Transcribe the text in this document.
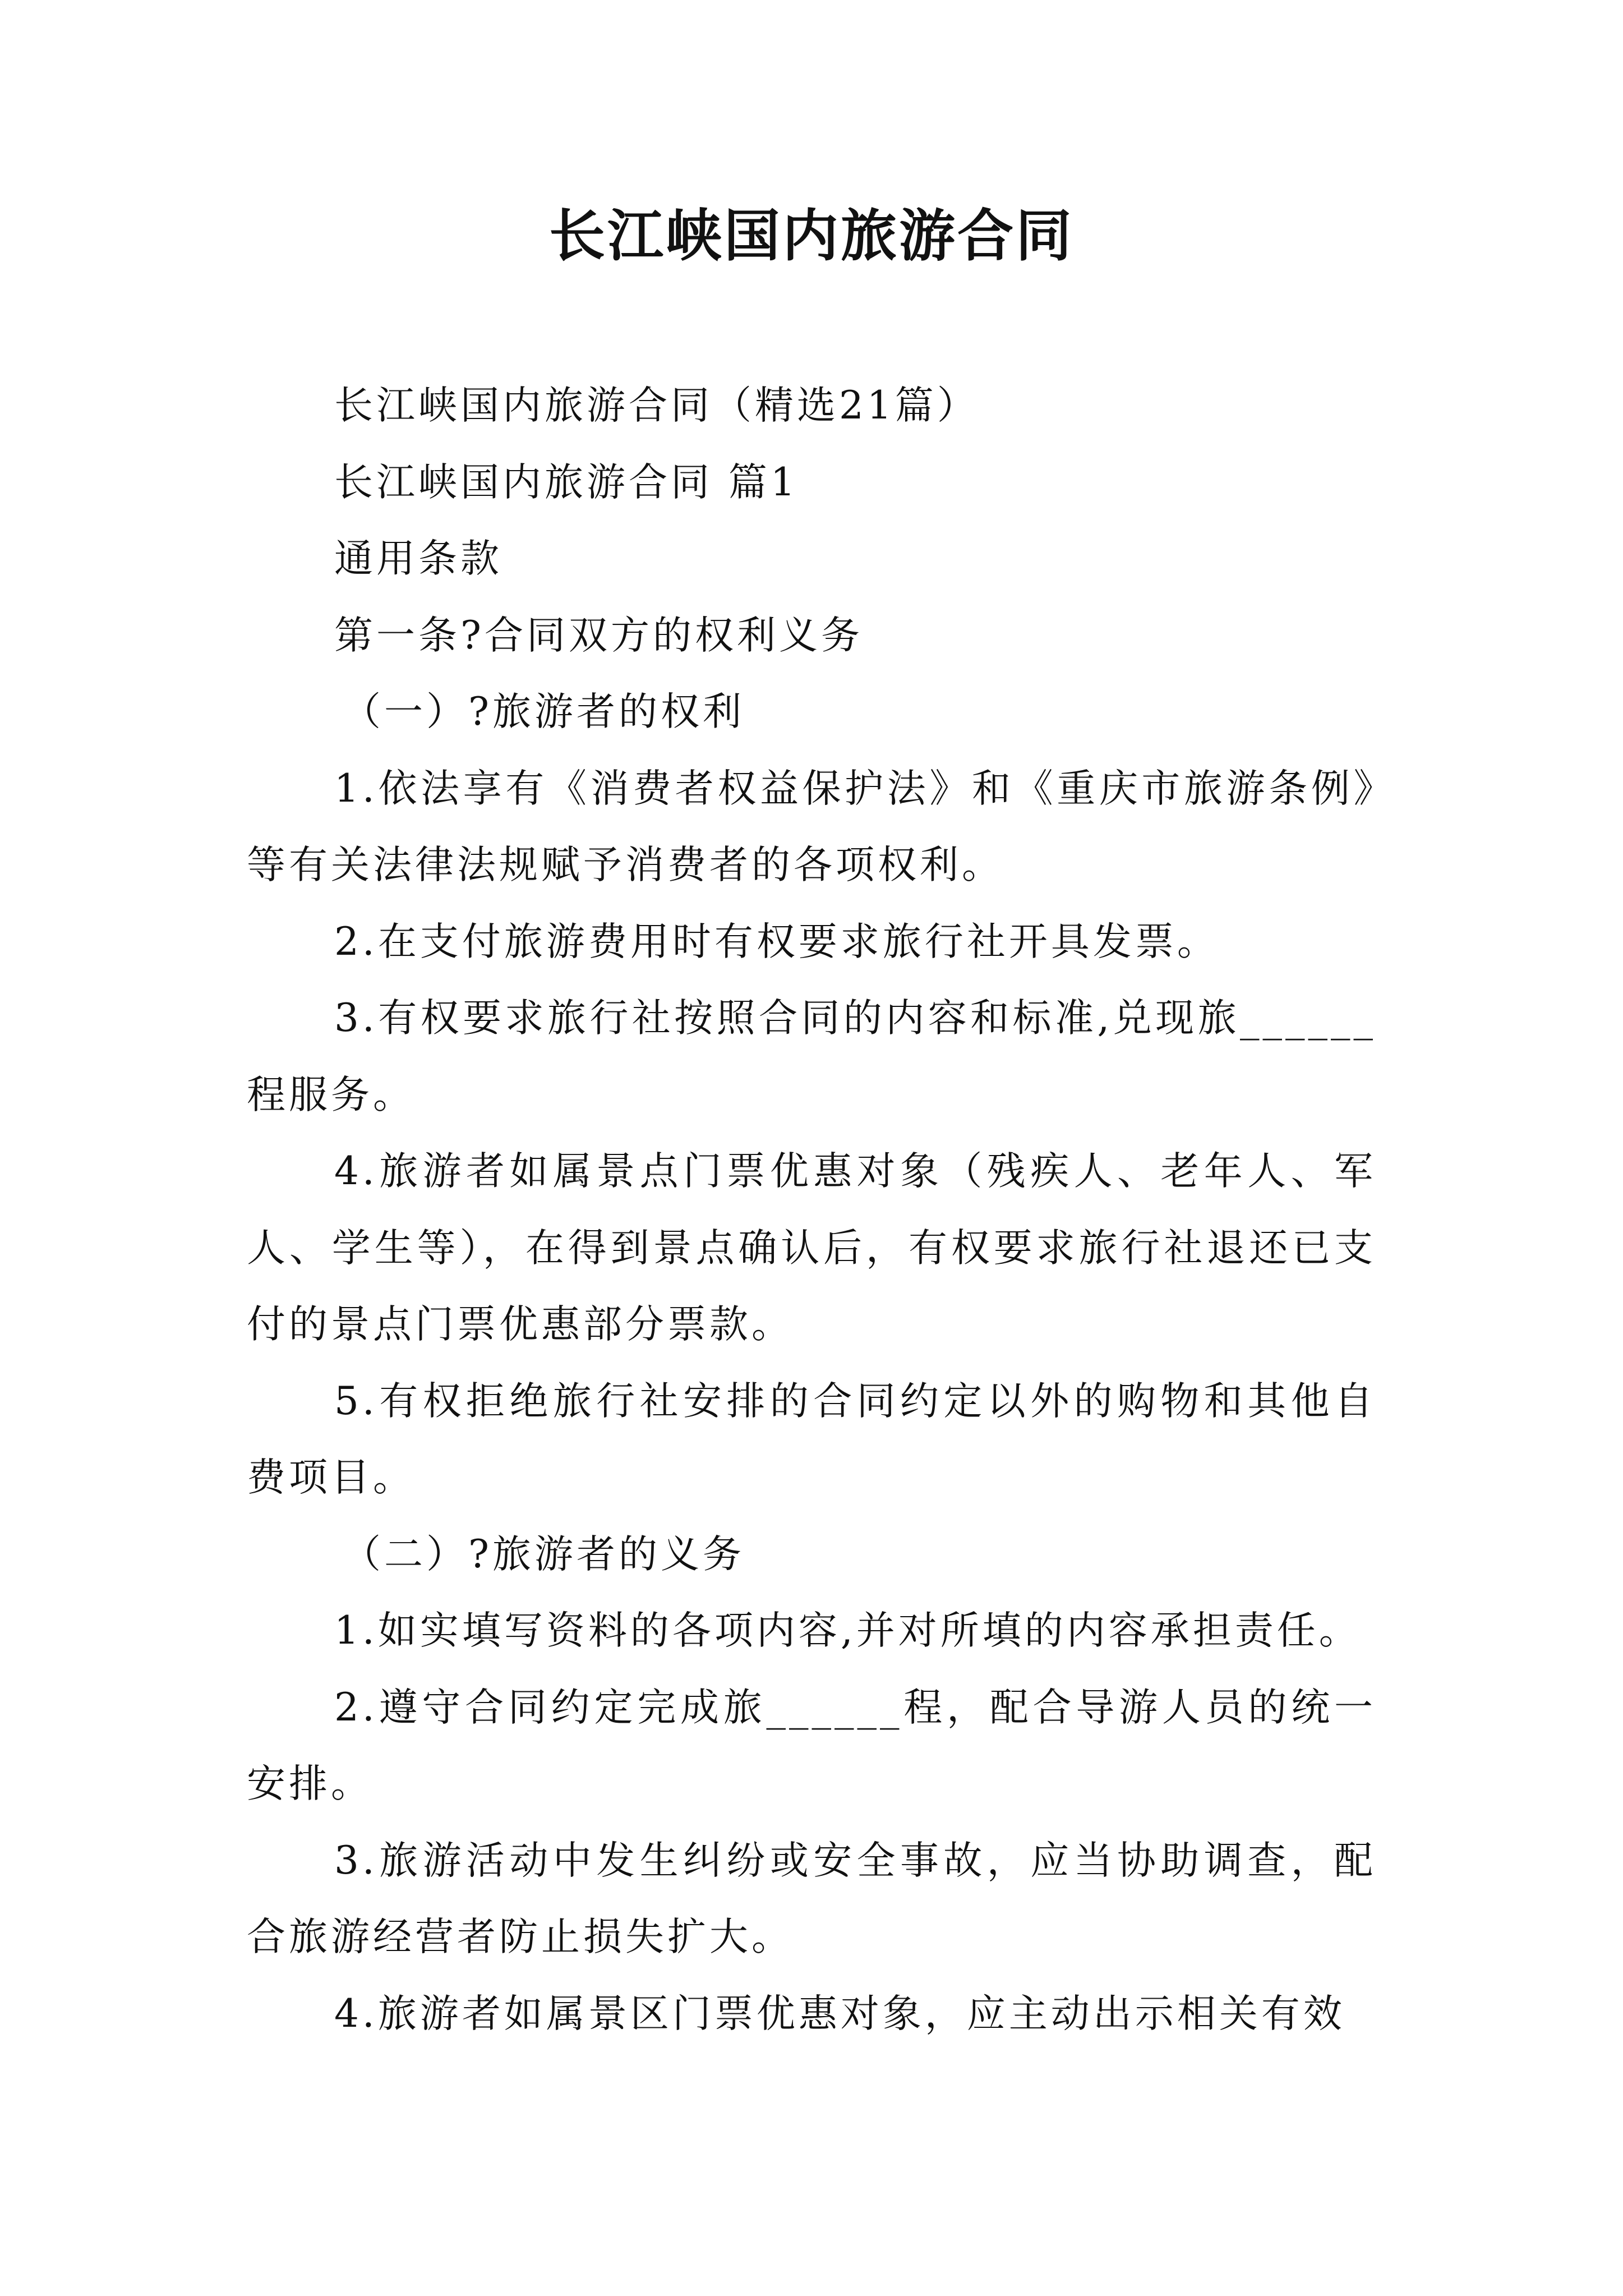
长江峡国内旅游合同

长江峡国内旅游合同（精选21篇）

长江峡国内旅游合同 篇1

通用条款

第一条?合同双方的权利义务

（一）?旅游者的权利

1.依法享有《消费者权益保护法》和《重庆市旅游条例》等有关法律法规赋予消费者的各项权利。

2.在支付旅游费用时有权要求旅行社开具发票。

3.有权要求旅行社按照合同的内容和标准,兑现旅______程服务。

4.旅游者如属景点门票优惠对象（残疾人、老年人、军人、学生等），在得到景点确认后，有权要求旅行社退还已支付的景点门票优惠部分票款。

5.有权拒绝旅行社安排的合同约定以外的购物和其他自费项目。

（二）?旅游者的义务

1.如实填写资料的各项内容,并对所填的内容承担责任。

2.遵守合同约定完成旅______程，配合导游人员的统一安排。

3.旅游活动中发生纠纷或安全事故，应当协助调查，配合旅游经营者防止损失扩大。

4.旅游者如属景区门票优惠对象，应主动出示相关有效
